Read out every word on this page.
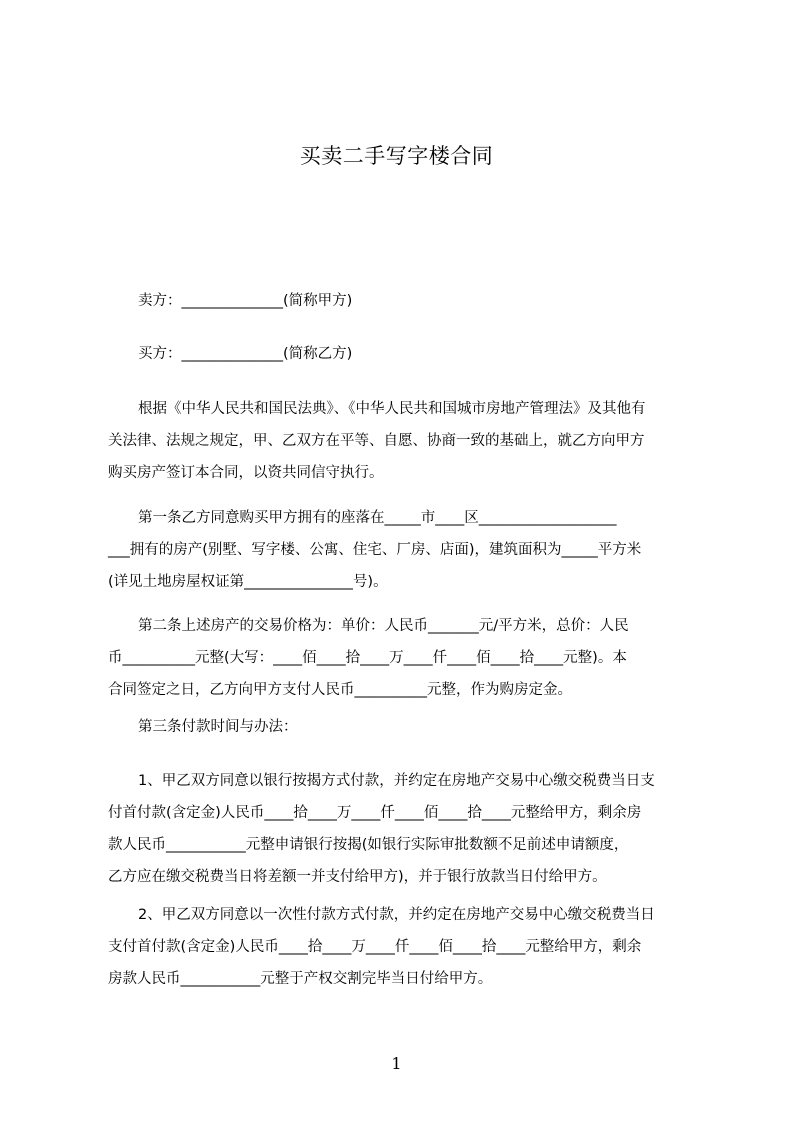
买卖二手写字楼合同
卖方：______________(简称甲方)
买方：______________(简称乙方)
根据《中华人民共和国民法典》、《中华人民共和国城市房地产管理法》及其他有
关法律、法规之规定，甲、乙双方在平等、自愿、协商一致的基础上，就乙方向甲方
购买房产签订本合同，以资共同信守执行。
第一条乙方同意购买甲方拥有的座落在_____市____区___________________
___拥有的房产(别墅、写字楼、公寓、住宅、厂房、店面)，建筑面积为_____平方米
(详见土地房屋权证第_______________号)。
第二条上述房产的交易价格为：单价：人民币_______元/平方米，总价：人民
币__________元整(大写：____佰____拾____万____仟____佰____拾____元整)。本
合同签定之日，乙方向甲方支付人民币__________元整，作为购房定金。
第三条付款时间与办法：
1、甲乙双方同意以银行按揭方式付款，并约定在房地产交易中心缴交税费当日支
付首付款(含定金)人民币____拾____万____仟____佰____拾____元整给甲方，剩余房
款人民币___________元整申请银行按揭(如银行实际审批数额不足前述申请额度，
乙方应在缴交税费当日将差额一并支付给甲方)，并于银行放款当日付给甲方。
2、甲乙双方同意以一次性付款方式付款，并约定在房地产交易中心缴交税费当日
支付首付款(含定金)人民币____拾____万____仟____佰____拾____元整给甲方，剩余
房款人民币___________元整于产权交割完毕当日付给甲方。
1
